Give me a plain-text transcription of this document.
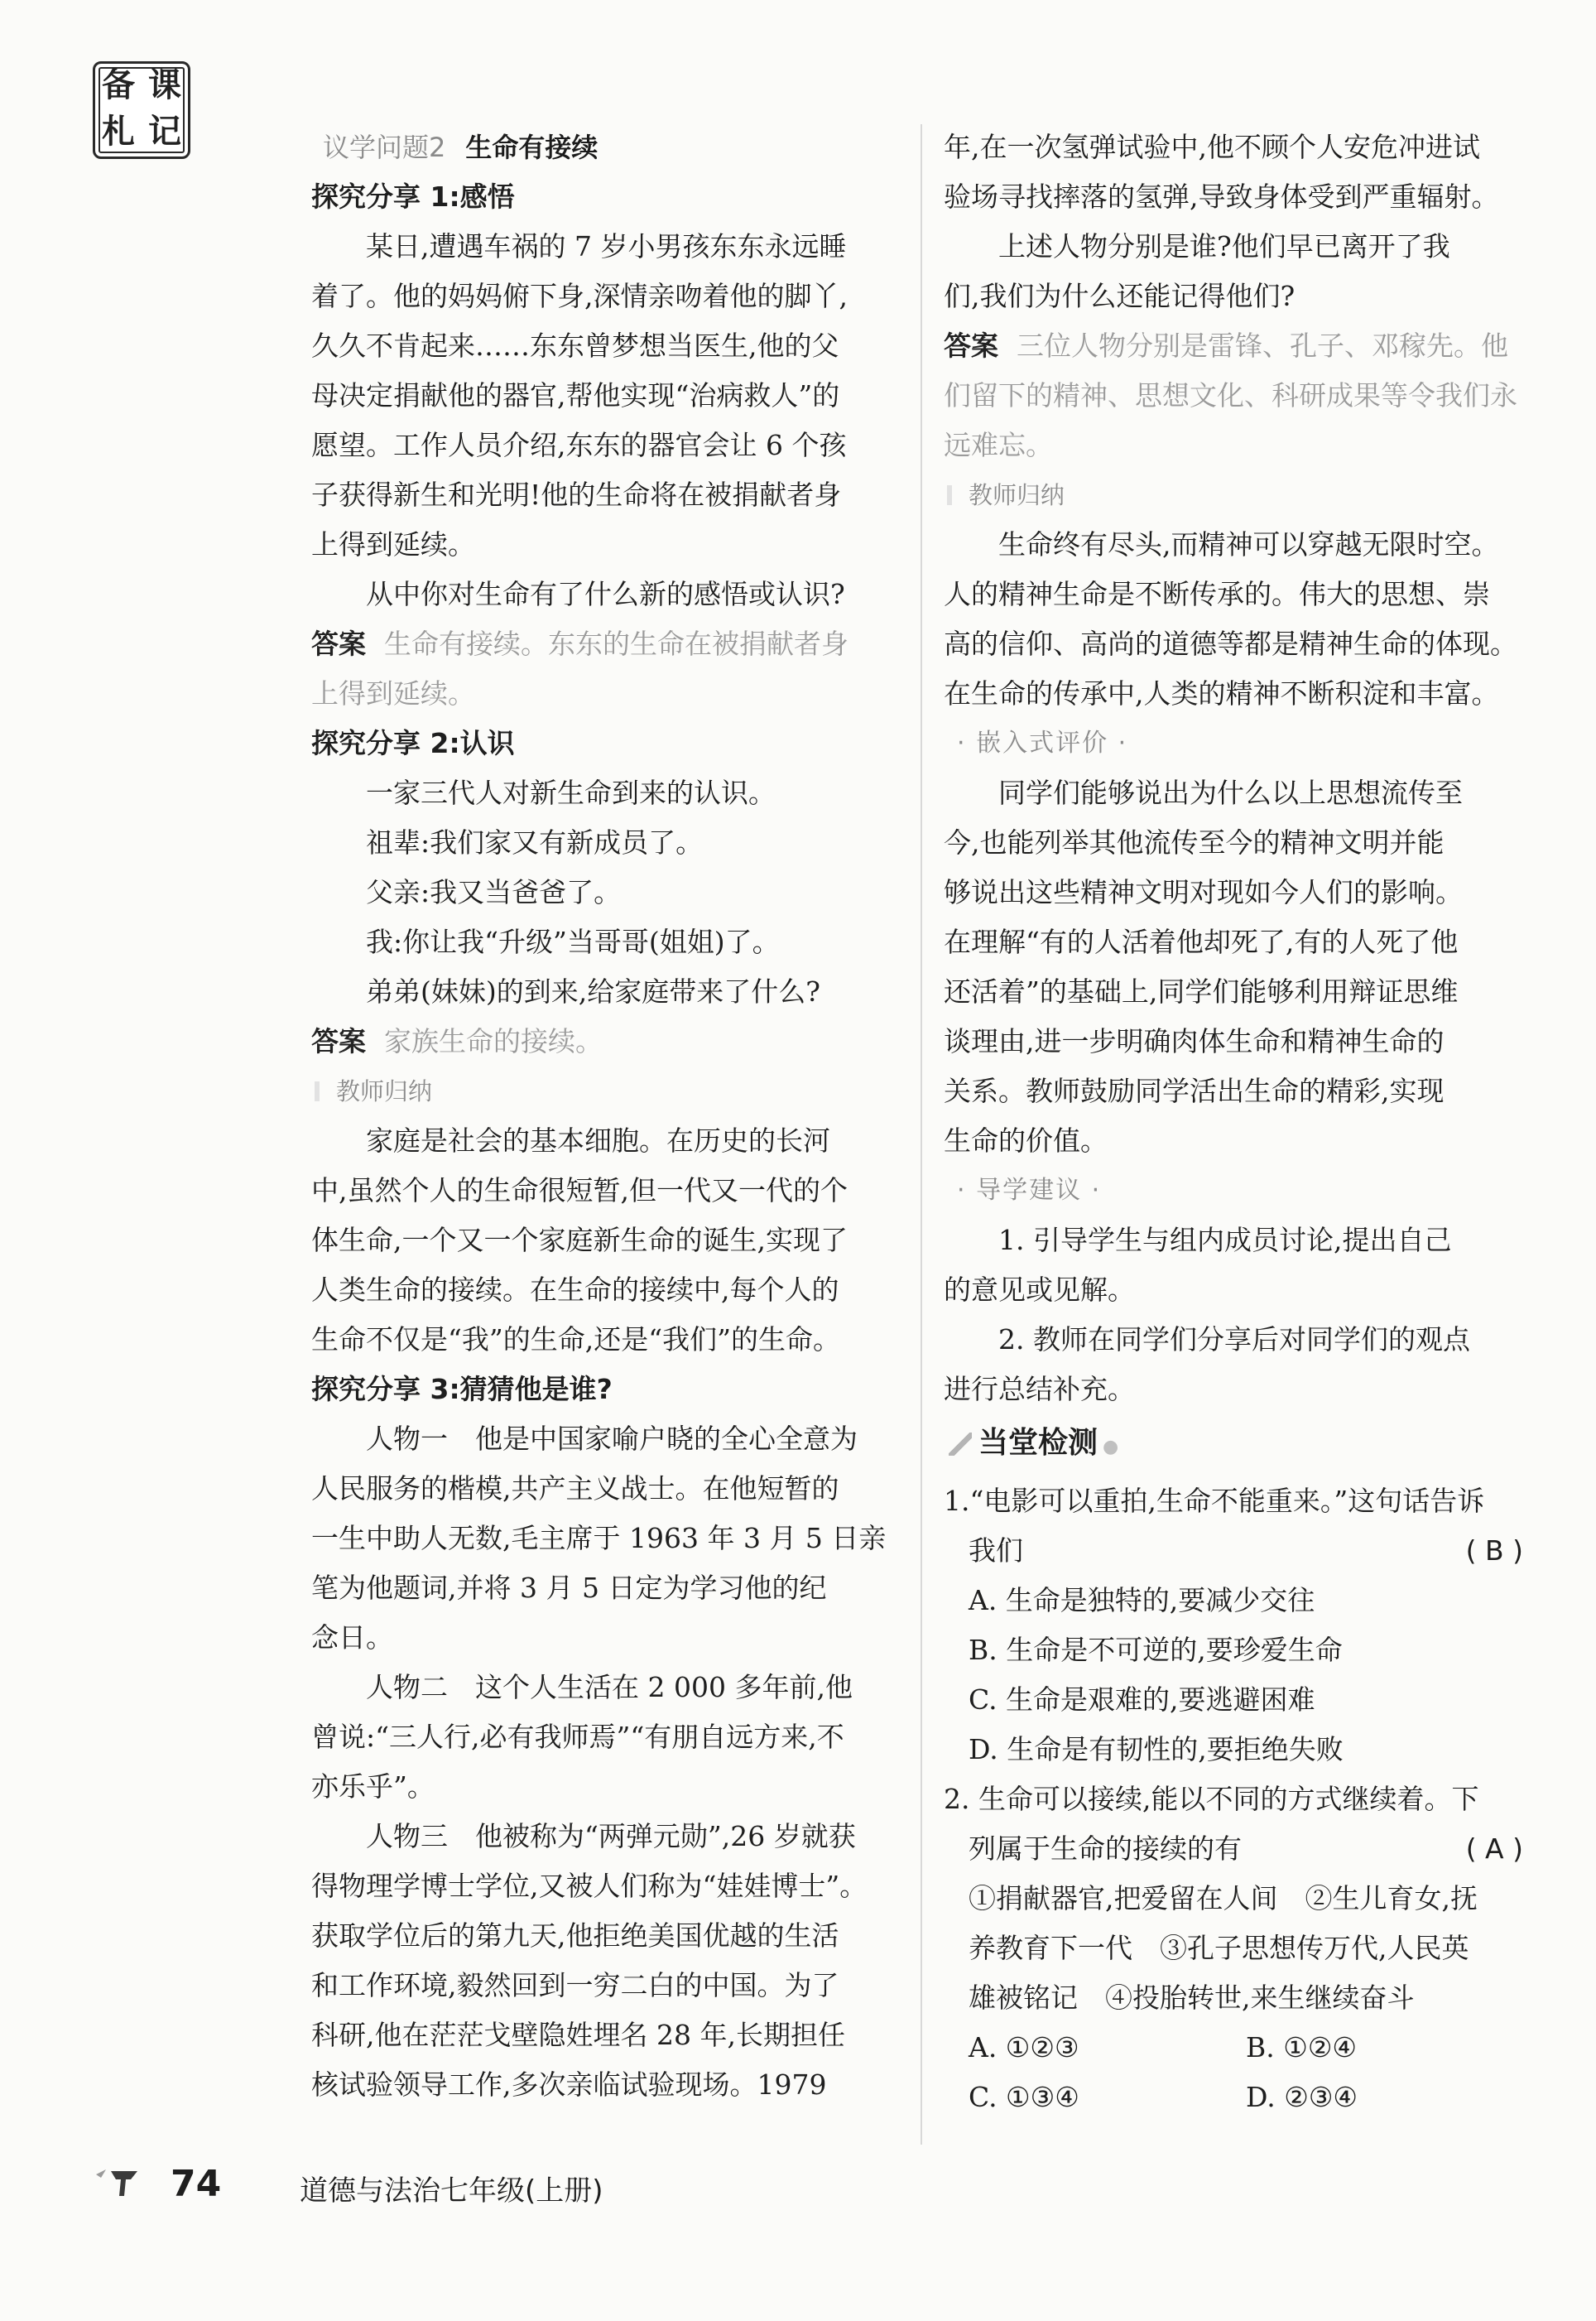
备 课
札 记	议学问题2 生命有接续
探究分享 1:感悟
某日,遭遇车祸的 7 岁小男孩东东永远睡
着了。他的妈妈俯下身,深情亲吻着他的脚丫,
久久不肯起来……东东曾梦想当医生,他的父
母决定捐献他的器官,帮他实现“治病救人”的
愿望。工作人员介绍,东东的器官会让 6 个孩
子获得新生和光明!他的生命将在被捐献者身
上得到延续。
从中你对生命有了什么新的感悟或认识?
答案 生命有接续。东东的生命在被捐献者身
上得到延续。
探究分享 2:认识
一家三代人对新生命到来的认识。
祖辈:我们家又有新成员了。
父亲:我又当爸爸了。
我:你让我“升级”当哥哥(姐姐)了。
弟弟(妹妹)的到来,给家庭带来了什么?
答案 家族生命的接续。
教师归纳
家庭是社会的基本细胞。在历史的长河
中,虽然个人的生命很短暂,但一代又一代的个
体生命,一个又一个家庭新生命的诞生,实现了
人类生命的接续。在生命的接续中,每个人的
生命不仅是“我”的生命,还是“我们”的生命。
探究分享 3:猜猜他是谁?
人物一　他是中国家喻户晓的全心全意为
人民服务的楷模,共产主义战士。在他短暂的
一生中助人无数,毛主席于 1963 年 3 月 5 日亲
笔为他题词,并将 3 月 5 日定为学习他的纪
念日。
人物二　这个人生活在 2 000 多年前,他
曾说:“三人行,必有我师焉”“有朋自远方来,不
亦乐乎”。
人物三　他被称为“两弹元勋”,26 岁就获
得物理学博士学位,又被人们称为“娃娃博士”。
获取学位后的第九天,他拒绝美国优越的生活
和工作环境,毅然回到一穷二白的中国。为了
科研,他在茫茫戈壁隐姓埋名 28 年,长期担任
核试验领导工作,多次亲临试验现场。1979
年,在一次氢弹试验中,他不顾个人安危冲进试
验场寻找摔落的氢弹,导致身体受到严重辐射。
上述人物分别是谁?他们早已离开了我
们,我们为什么还能记得他们?
答案 三位人物分别是雷锋、孔子、邓稼先。他
们留下的精神、思想文化、科研成果等令我们永
远难忘。
教师归纳
生命终有尽头,而精神可以穿越无限时空。
人的精神生命是不断传承的。伟大的思想、崇
高的信仰、高尚的道德等都是精神生命的体现。
在生命的传承中,人类的精神不断积淀和丰富。
· 嵌入式评价 ·
同学们能够说出为什么以上思想流传至
今,也能列举其他流传至今的精神文明并能
够说出这些精神文明对现如今人们的影响。
在理解“有的人活着他却死了,有的人死了他
还活着”的基础上,同学们能够利用辩证思维
谈理由,进一步明确肉体生命和精神生命的
关系。教师鼓励同学活出生命的精彩,实现
生命的价值。
· 导学建议 ·
1. 引导学生与组内成员讨论,提出自己
的意见或见解。
2. 教师在同学们分享后对同学们的观点
进行总结补充。
当堂检测 ●
1.“电影可以重拍,生命不能重来。”这句话告诉
我们	( B )
A. 生命是独特的,要减少交往
B. 生命是不可逆的,要珍爱生命
C. 生命是艰难的,要逃避困难
D. 生命是有韧性的,要拒绝失败
2. 生命可以接续,能以不同的方式继续着。下
列属于生命的接续的有	( A )
①捐献器官,把爱留在人间　②生儿育女,抚
养教育下一代　③孔子思想传万代,人民英
雄被铭记　④投胎转世,来生继续奋斗
A. ①②③	B. ①②④
C. ①③④	D. ②③④
74	道德与法治七年级(上册)
